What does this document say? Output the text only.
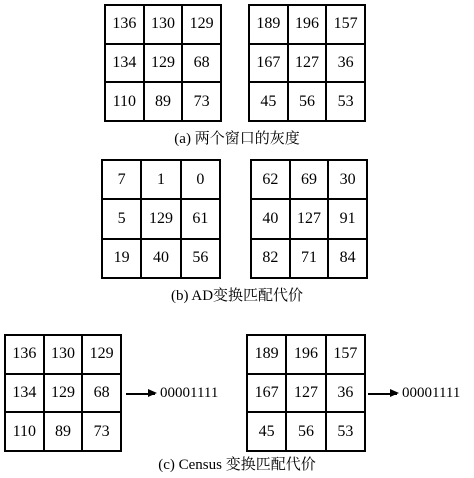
136 130 129
134 129	68
110	89	73
189 196 157
167 127	36
45	56	53
(a) 两个窗口的灰度
7	1	0
5	129	61
19	40	56
62	69	30
40	127	91
82	71	84
(b) AD变换匹配代价
136 130 129
134 129	68
110	89	73
00001111
189 196 157
167 127	36
45	56	53
00001111
(c) Census 变换匹配代价
